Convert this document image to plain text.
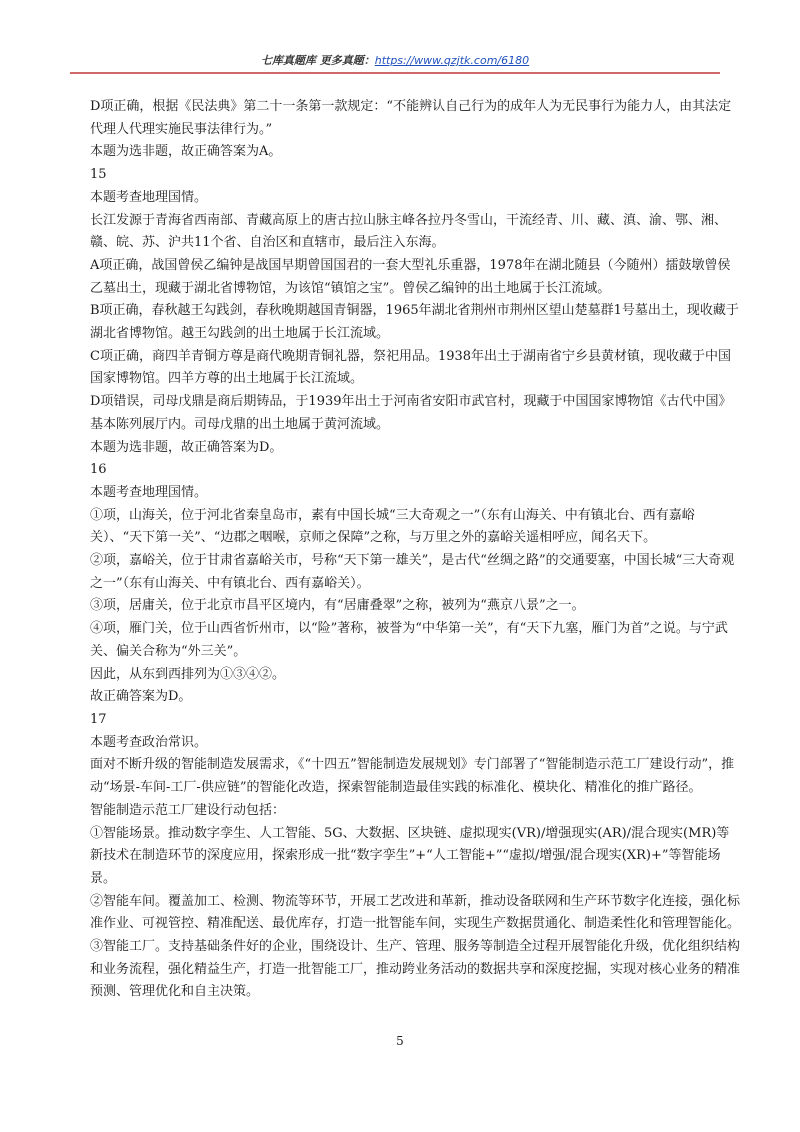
七库真题库 更多真题：https://www.qzjtk.com/6180

D项正确，根据《民法典》第二十一条第一款规定：“不能辨认自己行为的成年人为无民事行为能力人，由其法定代理人代理实施民事法律行为。”

本题为选非题，故正确答案为A。

15

本题考查地理国情。

长江发源于青海省西南部、青藏高原上的唐古拉山脉主峰各拉丹冬雪山，干流经青、川、藏、滇、渝、鄂、湘、赣、皖、苏、沪共11个省、自治区和直辖市，最后注入东海。

A项正确，战国曾侯乙编钟是战国早期曾国国君的一套大型礼乐重器，1978年在湖北随县（今随州）擂鼓墩曾侯乙墓出土，现藏于湖北省博物馆，为该馆“镇馆之宝”。曾侯乙编钟的出土地属于长江流域。

B项正确，春秋越王勾践剑，春秋晚期越国青铜器，1965年湖北省荆州市荆州区望山楚墓群1号墓出土，现收藏于湖北省博物馆。越王勾践剑的出土地属于长江流域。

C项正确，商四羊青铜方尊是商代晚期青铜礼器，祭祀用品。1938年出土于湖南省宁乡县黄材镇，现收藏于中国国家博物馆。四羊方尊的出土地属于长江流域。

D项错误，司母戊鼎是商后期铸品，于1939年出土于河南省安阳市武官村，现藏于中国国家博物馆《古代中国》基本陈列展厅内。司母戊鼎的出土地属于黄河流域。

本题为选非题，故正确答案为D。

16

本题考查地理国情。

①项，山海关，位于河北省秦皇岛市，素有中国长城“三大奇观之一”（东有山海关、中有镇北台、西有嘉峪关）、“天下第一关”、“边郡之咽喉，京师之保障”之称，与万里之外的嘉峪关遥相呼应，闻名天下。

②项，嘉峪关，位于甘肃省嘉峪关市，号称“天下第一雄关”，是古代“丝绸之路”的交通要塞，中国长城“三大奇观之一”（东有山海关、中有镇北台、西有嘉峪关）。

③项，居庸关，位于北京市昌平区境内，有“居庸叠翠”之称，被列为“燕京八景”之一。

④项，雁门关，位于山西省忻州市，以“险”著称，被誉为“中华第一关”，有“天下九塞，雁门为首”之说。与宁武关、偏关合称为“外三关”。

因此，从东到西排列为①③④②。

故正确答案为D。

17

本题考查政治常识。

面对不断升级的智能制造发展需求，《“十四五”智能制造发展规划》专门部署了“智能制造示范工厂建设行动”，推动“场景-车间-工厂-供应链”的智能化改造，探索智能制造最佳实践的标准化、模块化、精准化的推广路径。

智能制造示范工厂建设行动包括：

①智能场景。推动数字孪生、人工智能、5G、大数据、区块链、虚拟现实(VR)/增强现实(AR)/混合现实(MR)等新技术在制造环节的深度应用，探索形成一批“数字孪生”+“人工智能+”“虚拟/增强/混合现实(XR)+”等智能场景。

②智能车间。覆盖加工、检测、物流等环节，开展工艺改进和革新，推动设备联网和生产环节数字化连接，强化标准作业、可视管控、精准配送、最优库存，打造一批智能车间，实现生产数据贯通化、制造柔性化和管理智能化。

③智能工厂。支持基础条件好的企业，围绕设计、生产、管理、服务等制造全过程开展智能化升级，优化组织结构和业务流程，强化精益生产，打造一批智能工厂，推动跨业务活动的数据共享和深度挖掘，实现对核心业务的精准预测、管理优化和自主决策。

5
